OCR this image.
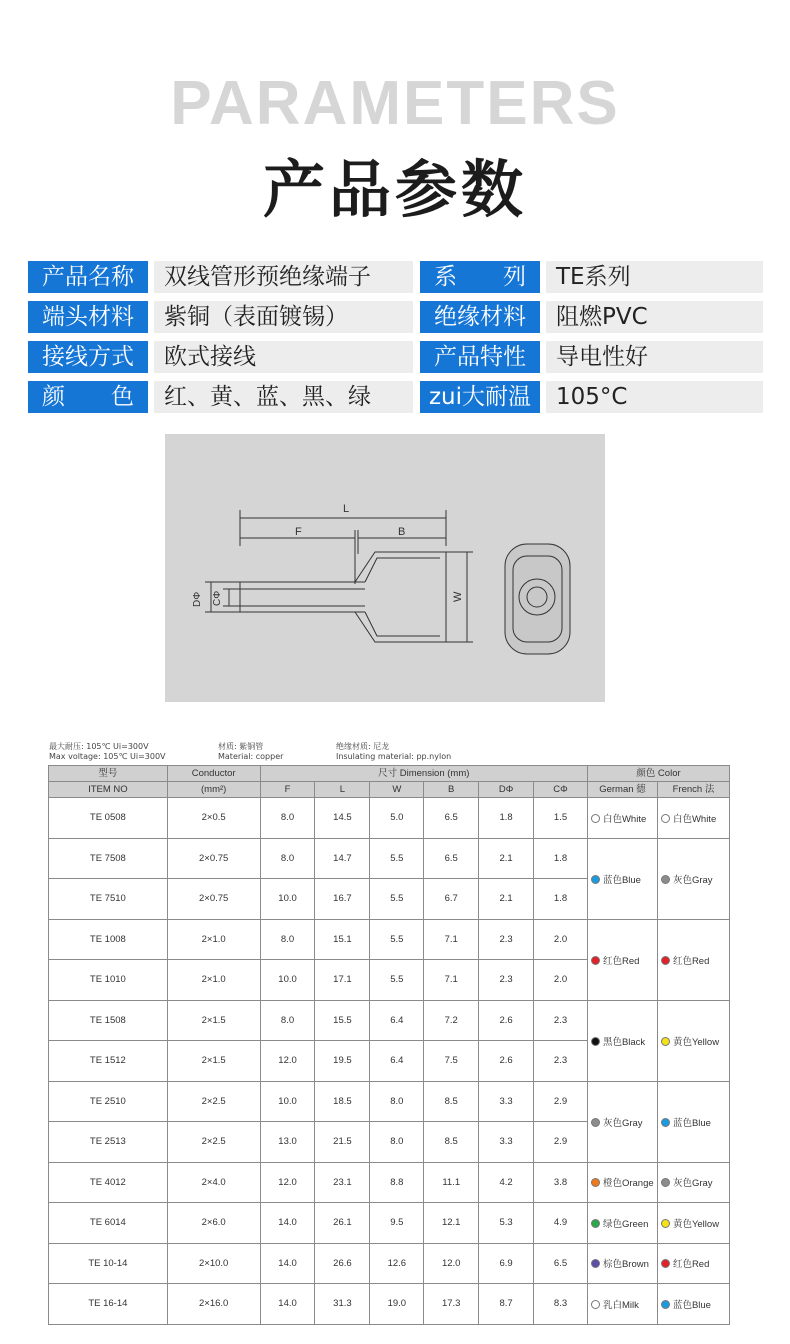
PARAMETERS
产品参数
产品名称	双线管形预绝缘端子	系　　列	TE系列
端头材料	紫铜（表面镀锡）	绝缘材料	阻燃PVC
接线方式	欧式接线	产品特性	导电性好
颜　　色	红、黄、蓝、黑、绿	zui大耐温	105°C
L
F	B
W
DΦ CΦ
最大耐压: 105℃ Ui=300V
Max voltage: 105℃ Ui=300V
材质: 紫铜管
Material: copper
绝缘材质: 尼龙
Insulating material: pp.nylon
型号	Conductor	尺寸 Dimension (mm)						颜色 Color	
ITEM NO	(mm²)	F	L	W	B	DΦ	CΦ	German 德	French 法
TE 0508	2×0.5	8.0	14.5	5.0	6.5	1.8	1.5	白色White	白色White
TE 7508	2×0.75	8.0	14.7	5.5	6.5	2.1	1.8	蓝色Blue	灰色Gray
TE 7510	2×0.75	10.0	16.7	5.5	6.7	2.1	1.8		
TE 1008	2×1.0	8.0	15.1	5.5	7.1	2.3	2.0	红色Red	红色Red
TE 1010	2×1.0	10.0	17.1	5.5	7.1	2.3	2.0		
TE 1508	2×1.5	8.0	15.5	6.4	7.2	2.6	2.3	黑色Black	黄色Yellow
TE 1512	2×1.5	12.0	19.5	6.4	7.5	2.6	2.3		
TE 2510	2×2.5	10.0	18.5	8.0	8.5	3.3	2.9	灰色Gray	蓝色Blue
TE 2513	2×2.5	13.0	21.5	8.0	8.5	3.3	2.9		
TE 4012	2×4.0	12.0	23.1	8.8	11.1	4.2	3.8	橙色Orange	灰色Gray
TE 6014	2×6.0	14.0	26.1	9.5	12.1	5.3	4.9	绿色Green	黄色Yellow
TE 10-14	2×10.0	14.0	26.6	12.6	12.0	6.9	6.5	棕色Brown	红色Red
TE 16-14	2×16.0	14.0	31.3	19.0	17.3	8.7	8.3	乳白Milk	蓝色Blue
